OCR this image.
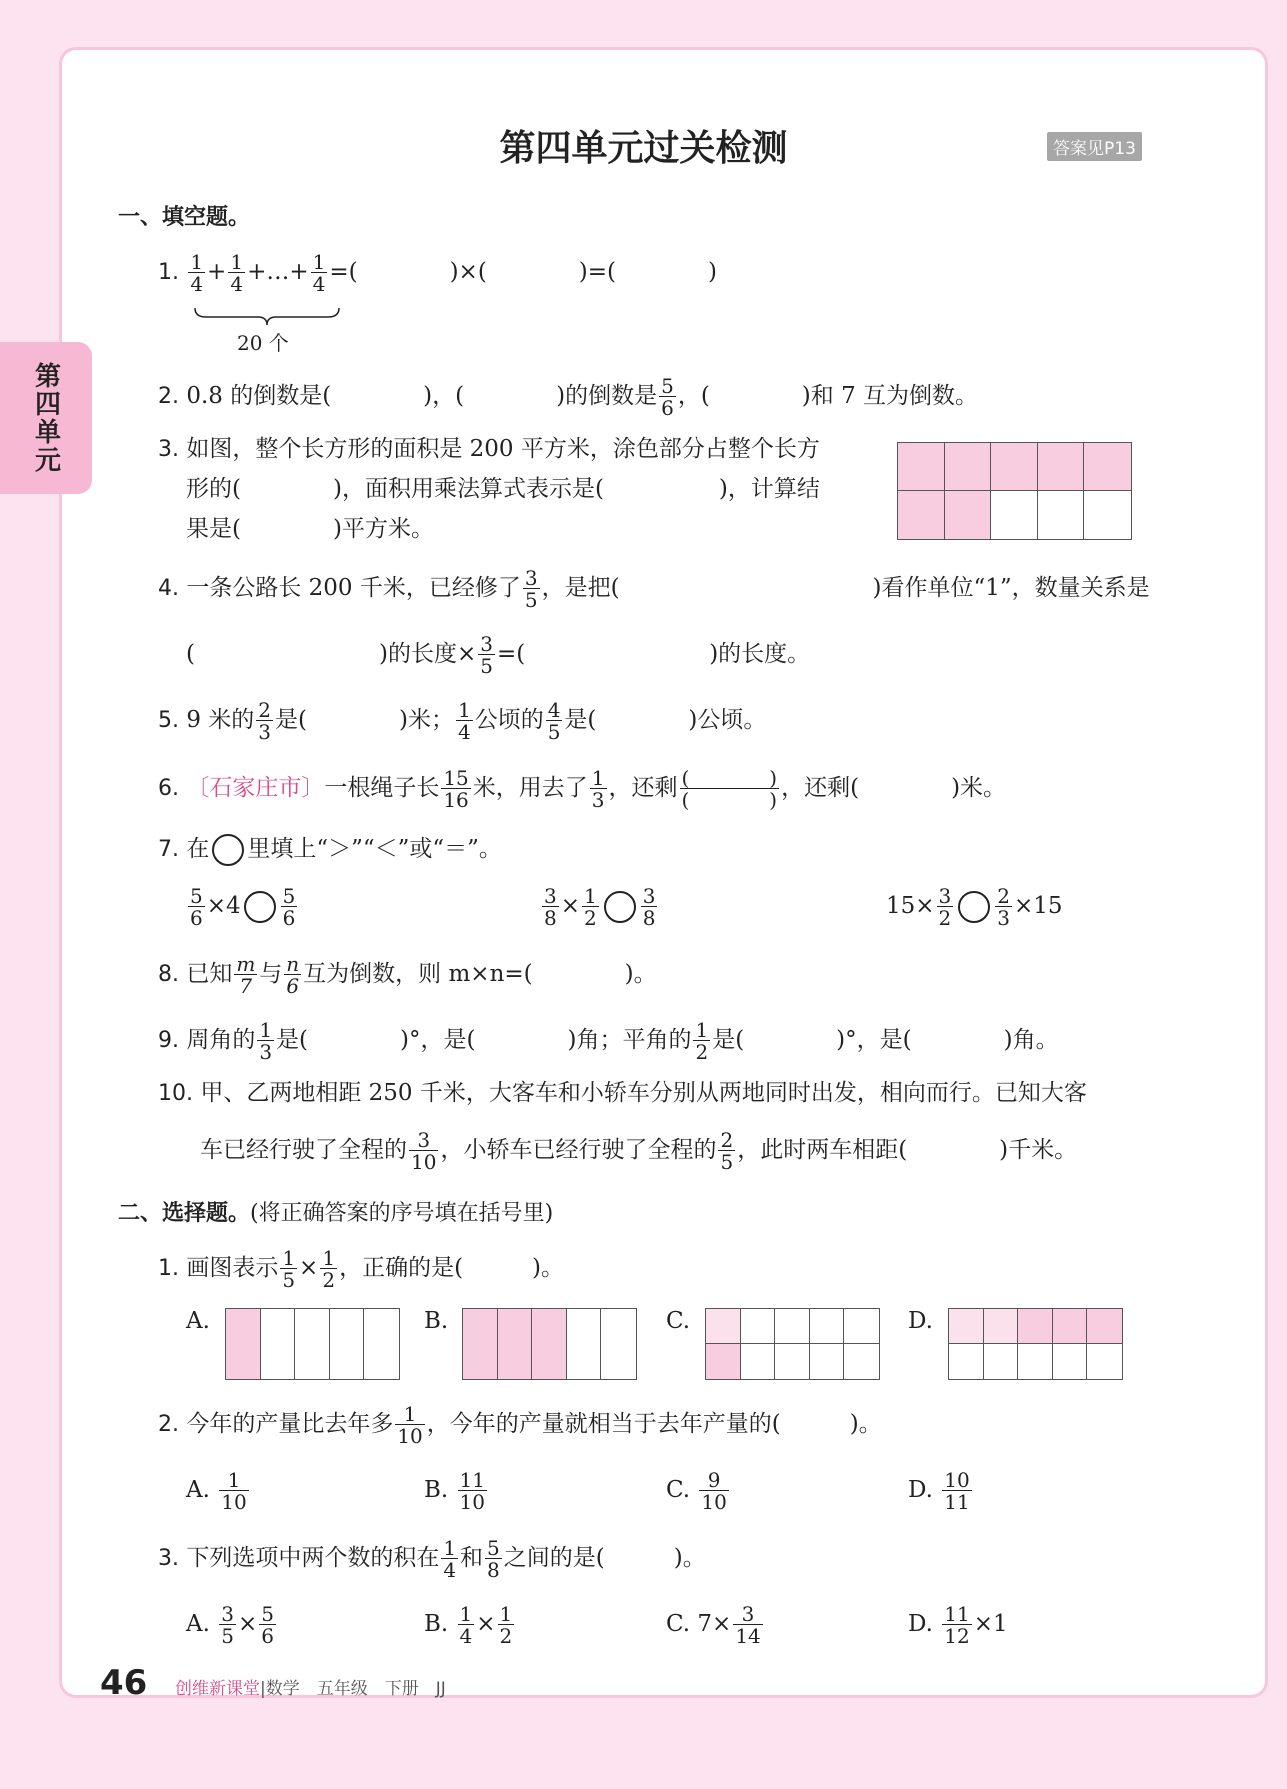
第四单元
第四单元过关检测	答案见P13
一、填空题。
1. $\frac{1}{4} + \frac{1}{4}$ +…+ $\frac{1}{4}$ =(　　　　)×(　　　　)=(　　　　)
20 个
2. 0.8 的倒数是(　　　　)，(　　　　)的倒数是 $\frac{5}{6}$ ，(　　　　)和 7 互为倒数。
3. 如图，整个长方形的面积是 200 平方米，涂色部分占整个长方
形的(　　　　)，面积用乘法算式表示是(　　　　　)，计算结
果是(　　　　)平方米。
4. 一条公路长 200 千米，已经修了 $\frac{3}{5}$ ，是把(　　　　　　　　　　　)看作单位“1”，数量关系是
(　　　　　　　　)的长度× $\frac{3}{5}$ =(　　　　　　　　)的长度。
5. 9 米的 $\frac{2}{3}$ 是(　　　　)米； $\frac{1}{4}$ 公顷的 $\frac{4}{5}$ 是(　　　　)公顷。
6. 〔石家庄市〕一根绳子长 $\frac{15}{16}$ 米，用去了 $\frac{1}{3}$ ，还剩 $\frac{( )}{( )}$ ，还剩(　　　　)米。
7. 在 里填上“＞”“＜”或“＝”。
$\frac{5}{6} \times 4 \frac{5}{6}$	$\frac{3}{8} \times \frac{1}{2} \frac{3}{8}$	$15\times \frac{3}{2} \frac{2}{3} \times 15$
8. 已知 $\frac{m}{7}$ 与 $\frac{n}{6}$ 互为倒数，则 m×n=(　　　　)。
9. 周角的 $\frac{1}{3}$ 是(　　　　)°，是(　　　　)角；平角的 $\frac{1}{2}$ 是(　　　　)°，是(　　　　)角。
10. 甲、乙两地相距 250 千米，大客车和小轿车分别从两地同时出发，相向而行。已知大客
车已经行驶了全程的 $\frac{3}{10}$ ，小轿车已经行驶了全程的 $\frac{2}{5}$ ，此时两车相距(　　　　)千米。
二、选择题。(将正确答案的序号填在括号里)
1. 画图表示 $\frac{1}{5} \times \frac{1}{2}$ ，正确的是(　　　)。
A.	B.	C.	D.
2. 今年的产量比去年多 $\frac{1}{10}$ ，今年的产量就相当于去年产量的(　　　)。
A. $\frac{1}{10}$	B. $\frac{11}{10}$	C. $\frac{9}{10}$	D. $\frac{10}{11}$
3. 下列选项中两个数的积在 $\frac{1}{4}$ 和 $\frac{5}{8}$ 之间的是(　　　)。
A. $\frac{3}{5} \times \frac{5}{6}$	B. $\frac{1}{4} \times \frac{1}{2}$	C. $7\times \frac{3}{14}$	D. $\frac{11}{12} \times 1$
46 创维新课堂|数学　五年级　下册　JJ
